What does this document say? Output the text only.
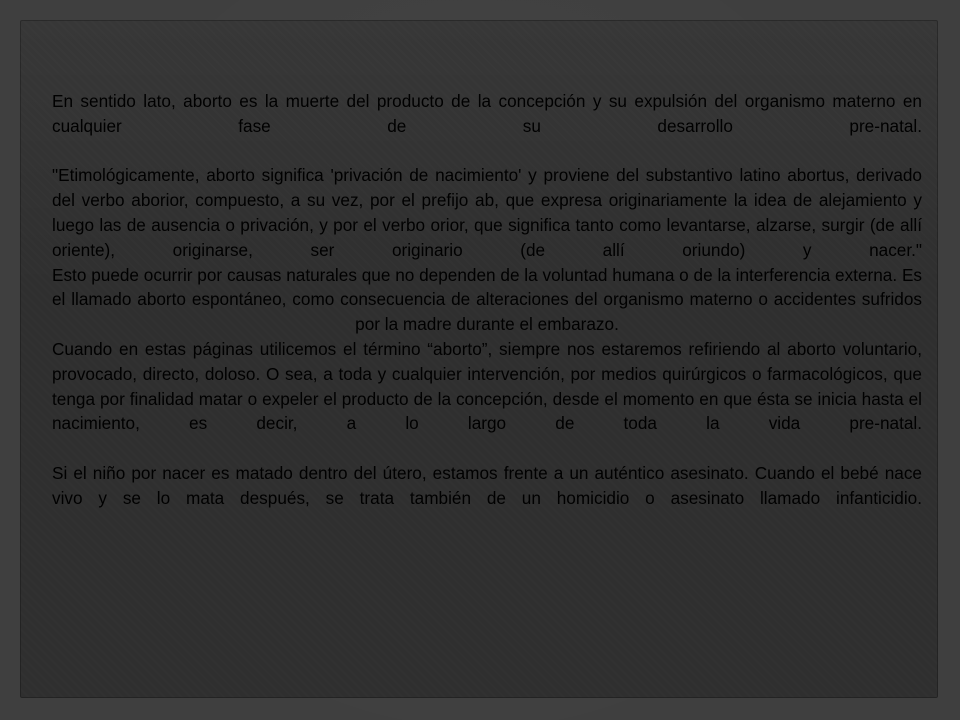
En sentido lato, aborto es la muerte del producto de la concepción y su expulsión del organismo materno en cualquier fase de su desarrollo pre-natal.

"Etimológicamente, aborto significa 'privación de nacimiento' y proviene del substantivo latino abortus, derivado del verbo aborior, compuesto, a su vez, por el prefijo ab, que expresa originariamente la idea de alejamiento y luego las de ausencia o privación, y por el verbo orior, que significa tanto como levantarse, alzarse, surgir (de allí oriente), originarse, ser originario (de allí oriundo) y nacer."

Esto puede ocurrir por causas naturales que no dependen de la voluntad humana o de la interferencia externa. Es el llamado aborto espontáneo, como consecuencia de alteraciones del organismo materno o accidentes sufridos por la madre durante el embarazo.

Cuando en estas páginas utilicemos el término “aborto”, siempre nos estaremos refiriendo al aborto voluntario, provocado, directo, doloso. O sea, a toda y cualquier intervención, por medios quirúrgicos o farmacológicos, que tenga por finalidad matar o expeler el producto de la concepción, desde el momento en que ésta se inicia hasta el nacimiento, es decir, a lo largo de toda la vida pre-natal.

Si el niño por nacer es matado dentro del útero, estamos frente a un auténtico asesinato. Cuando el bebé nace vivo y se lo mata después, se trata también de un homicidio o asesinato llamado infanticidio.
